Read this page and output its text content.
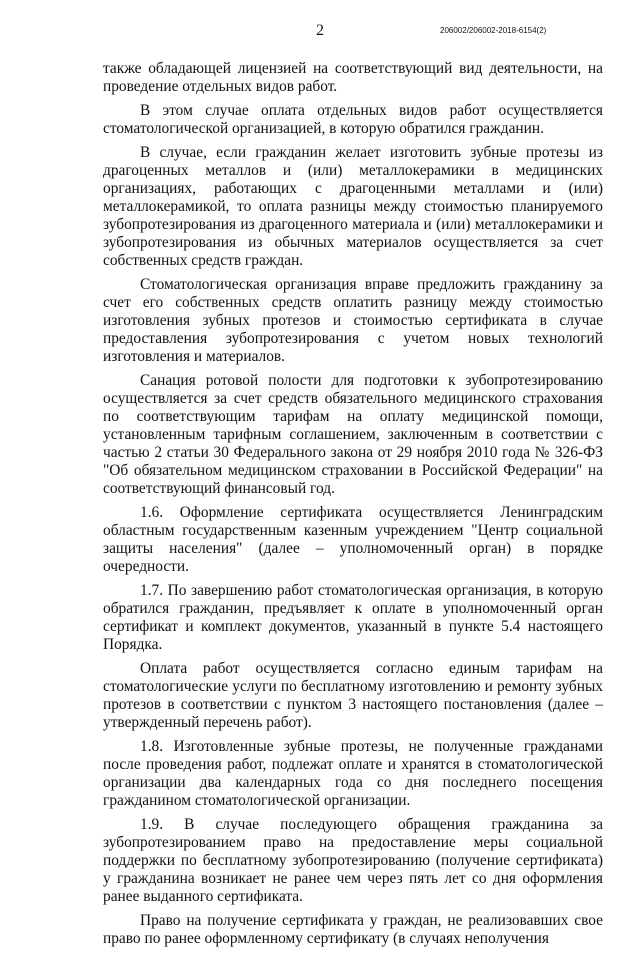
2	206002/206002-2018-6154(2)

также обладающей лицензией на соответствующий вид деятельности, на проведение отдельных видов работ.

В этом случае оплата отдельных видов работ осуществляется стоматологической организацией, в которую обратился гражданин.

В случае, если гражданин желает изготовить зубные протезы из драгоценных металлов и (или) металлокерамики в медицинских организациях, работающих с драгоценными металлами и (или) металлокерамикой, то оплата разницы между стоимостью планируемого зубопротезирования из драгоценного материала и (или) металлокерамики и зубопротезирования из обычных материалов осуществляется за счет собственных средств граждан.

Стоматологическая организация вправе предложить гражданину за счет его собственных средств оплатить разницу между стоимостью изготовления зубных протезов и стоимостью сертификата в случае предоставления зубопротезирования с учетом новых технологий изготовления и материалов.

Санация ротовой полости для подготовки к зубопротезированию осуществляется за счет средств обязательного медицинского страхования по соответствующим тарифам на оплату медицинской помощи, установленным тарифным соглашением, заключенным в соответствии с частью 2 статьи 30 Федерального закона от 29 ноября 2010 года № 326-ФЗ "Об обязательном медицинском страховании в Российской Федерации" на соответствующий финансовый год.

1.6. Оформление сертификата осуществляется Ленинградским областным государственным казенным учреждением "Центр социальной защиты населения" (далее – уполномоченный орган) в порядке очередности.

1.7. По завершению работ стоматологическая организация, в которую обратился гражданин, предъявляет к оплате в уполномоченный орган сертификат и комплект документов, указанный в пункте 5.4 настоящего Порядка.

Оплата работ осуществляется согласно единым тарифам на стоматологические услуги по бесплатному изготовлению и ремонту зубных протезов в соответствии с пунктом 3 настоящего постановления (далее – утвержденный перечень работ).

1.8. Изготовленные зубные протезы, не полученные гражданами после проведения работ, подлежат оплате и хранятся в стоматологической организации два календарных года со дня последнего посещения гражданином стоматологической организации.

1.9. В случае последующего обращения гражданина за зубопротезированием право на предоставление меры социальной поддержки по бесплатному зубопротезированию (получение сертификата) у гражданина возникает не ранее чем через пять лет со дня оформления ранее выданного сертификата.

Право на получение сертификата у граждан, не реализовавших свое право по ранее оформленному сертификату (в случаях неполучения
